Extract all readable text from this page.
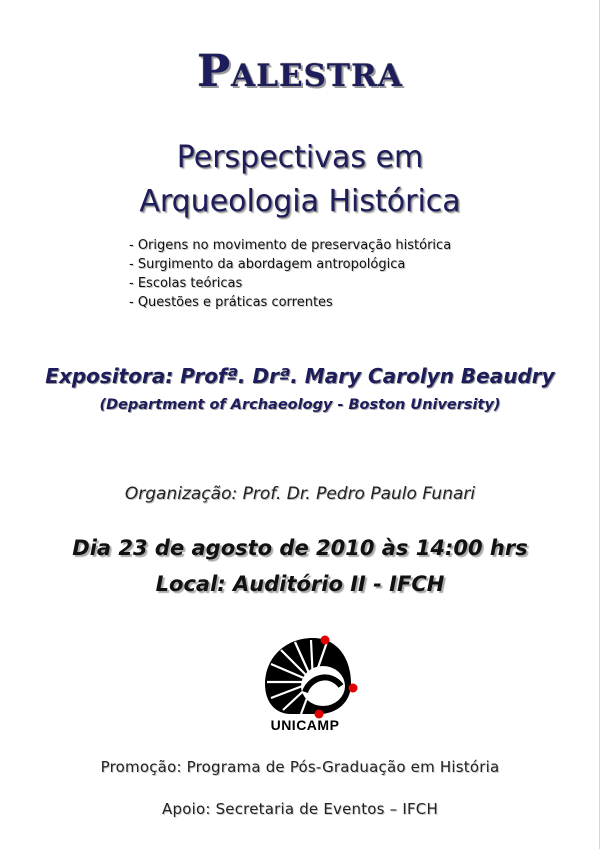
Palestra
Perspectivas em
Arqueologia Histórica
- Origens no movimento de preservação histórica
- Surgimento da abordagem antropológica
- Escolas teóricas
- Questões e práticas correntes
Expositora: Profª. Drª. Mary Carolyn Beaudry
(Department of Archaeology - Boston University)
Organização: Prof. Dr. Pedro Paulo Funari
Dia 23 de agosto de 2010 às 14:00 hrs
Local: Auditório II - IFCH
UNICAMP
Promoção: Programa de Pós-Graduação em História
Apoio: Secretaria de Eventos – IFCH
